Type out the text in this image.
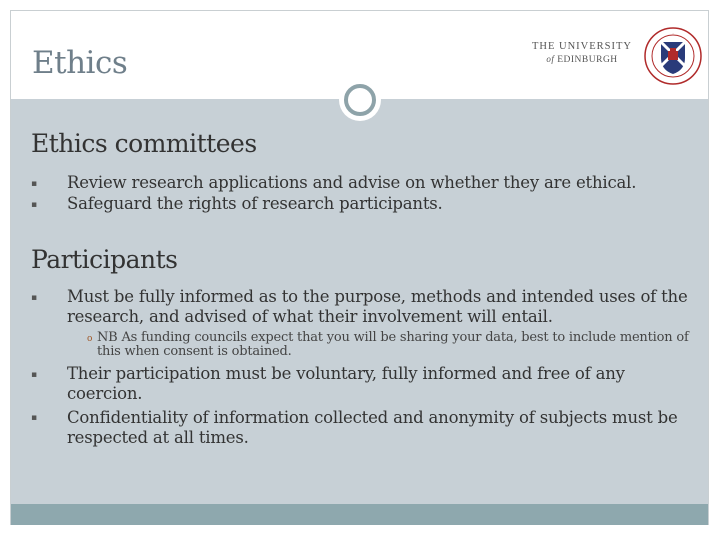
Ethics	THE UNIVERSITY
of EDINBURGH
·
Ethics committees
▪	Review research applications and advise on whether they are ethical.
▪	Safeguard the rights of research participants.
Participants
▪	Must be fully informed as to the purpose, methods and intended uses of the research, and advised of what their involvement will entail.
o NB As funding councils expect that you will be sharing your data, best to include mention of this when consent is obtained.
▪	Their participation must be voluntary, fully informed and free of any coercion.
▪	Confidentiality of information collected and anonymity of subjects must be respected at all times.
